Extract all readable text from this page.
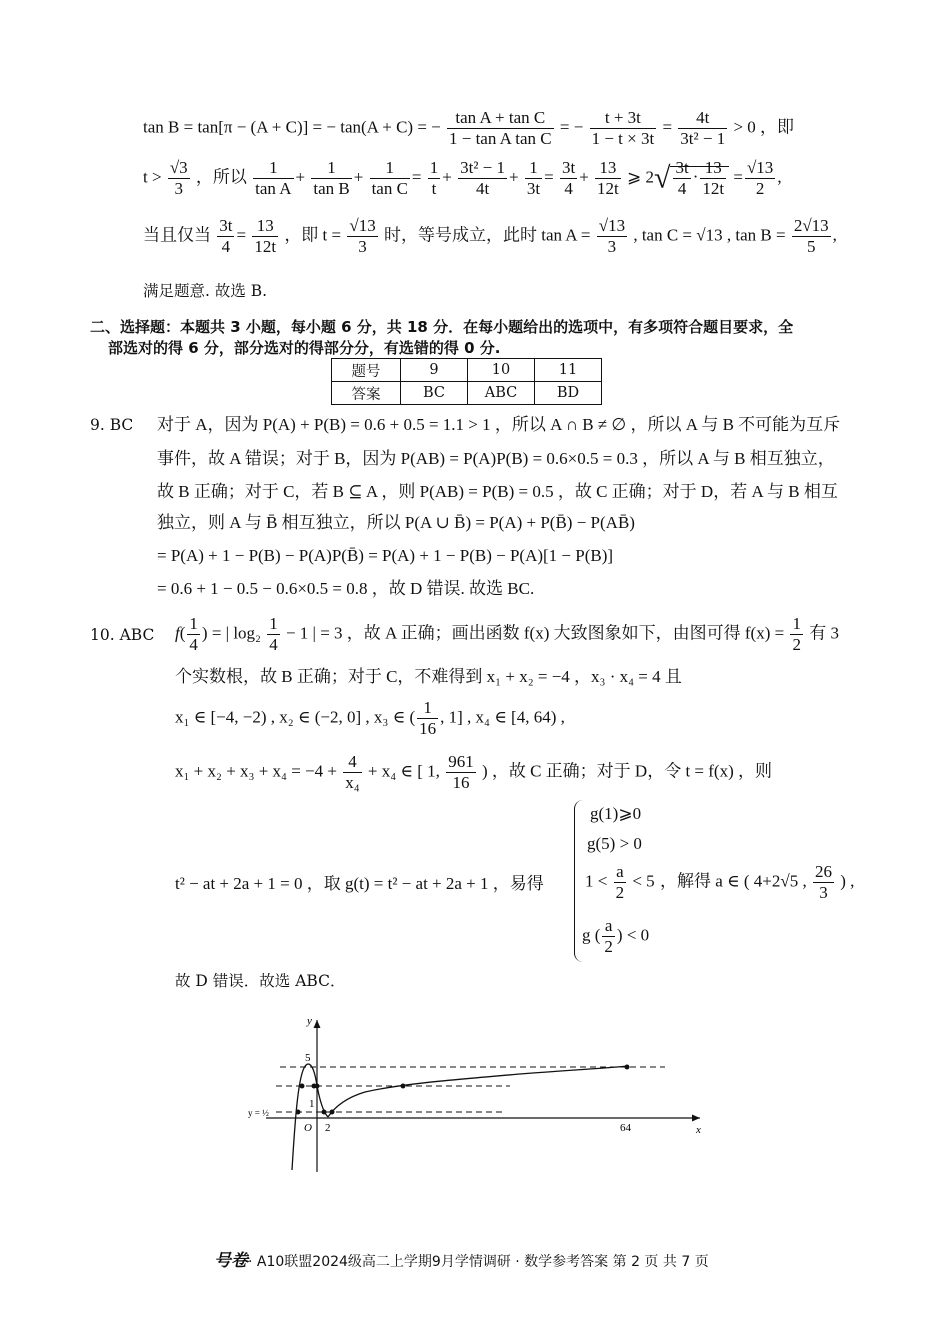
tan B = tan[π − (A + C)] = − tan(A + C) = − $\frac{\text{tan A + tan C}}{\text{1 − tan A tan C}}$ = − $\frac{t + 3t}{1 - t \times 3t} = \frac{4t}{\text{3t² − 1}} > 0$ ，即
$t > \frac{√3}{3}$ ，所以 $\frac{1}{\text{tan A}} + \frac{1}{\text{tan B}} + \frac{1}{\text{tan C}} = \frac{1}{t} + \frac{\text{3t² − 1}}{4t} + \frac{1}{3t} = \frac{3t}{4} + \frac{13}{12t}$ ⩾ $2√ \frac{3t}{4} \cdot \frac{13}{12t} = \frac{√13}{2}$ ,
当且仅当 $\frac{3t}{4} = \frac{13}{12t}$ ，即 $t = \frac{√13}{3}$ 时，等号成立，此时 $\tan A = \frac{√13}{3}$ , tan C = √13 , $\tan B = \frac{2√13}{5}$ ,
满足题意. 故选 B.
二、选择题：本题共 3 小题，每小题 6 分，共 18 分．在每小题给出的选项中，有多项符合题目要求，全
部选对的得 6 分，部分选对的得部分分，有选错的得 0 分.
题号	9	10	11
答案	BC	ABC	BD
9. BC 对于 A，因为 P(A) + P(B) = 0.6 + 0.5 = 1.1 > 1 ，所以 A ∩ B ≠ ∅ ，所以 A 与 B 不可能为互斥
事件，故 A 错误；对于 B，因为 P(AB) = P(A)P(B) = 0.6×0.5 = 0.3 ，所以 A 与 B 相互独立，
故 B 正确；对于 C，若 B ⊆ A ，则 P(AB) = P(B) = 0.5 ，故 C 正确；对于 D，若 A 与 B 相互
独立，则 A 与 B̄ 相互独立，所以 P(A ∪ B̄) = P(A) + P(B̄) − P(AB̄)
= P(A) + 1 − P(B) − P(A)P(B̄) = P(A) + 1 − P(B) − P(A)[1 − P(B)]
= 0.6 + 1 − 0.5 − 0.6×0.5 = 0.8 ，故 D 错误. 故选 BC.
10. ABC $f( \frac{1}{4}$ ) = | $\log_2 \frac{1}{4} - 1$ | = 3 ，故 A 正确；画出函数 f(x) 大致图象如下，由图可得 $f(x) = \frac{1}{2}$ 有 3
个实数根，故 B 正确；对于 C，不难得到 x₁ + x₂ = −4 ，x₃ · x₄ = 4 且
x₁ ∈ [−4, −2) , x₂ ∈ (−2, 0] , x₃ ∈ ( $\frac{1}{16}$ , 1] , x₄ ∈ [4, 64) ,
$x_1 + x_2 + x_3 + x_4 = -4 + \frac{4}{\text{x₄}} + x_4$ ∈ [ 1, $\frac{961}{16}$ ) ，故 C 正确；对于 D，令 t = f(x) ，则
t² − at + 2a + 1 = 0 ，取 g(t) = t² − at + 2a + 1 ，易得
g(1)⩾0
g(5) > 0
$1 < \frac{a}{2} < 5$
g ( $\frac{a}{2}$ ) < 0
，解得 a ∈ ( 4+2√5 , $\frac{26}{3}$ ) ,
故 D 错误．故选 ABC．
y
x
5
1
O 2	64
y = ½
号卷· A10联盟2024级高二上学期9月学情调研 · 数学参考答案 第 2 页 共 7 页
